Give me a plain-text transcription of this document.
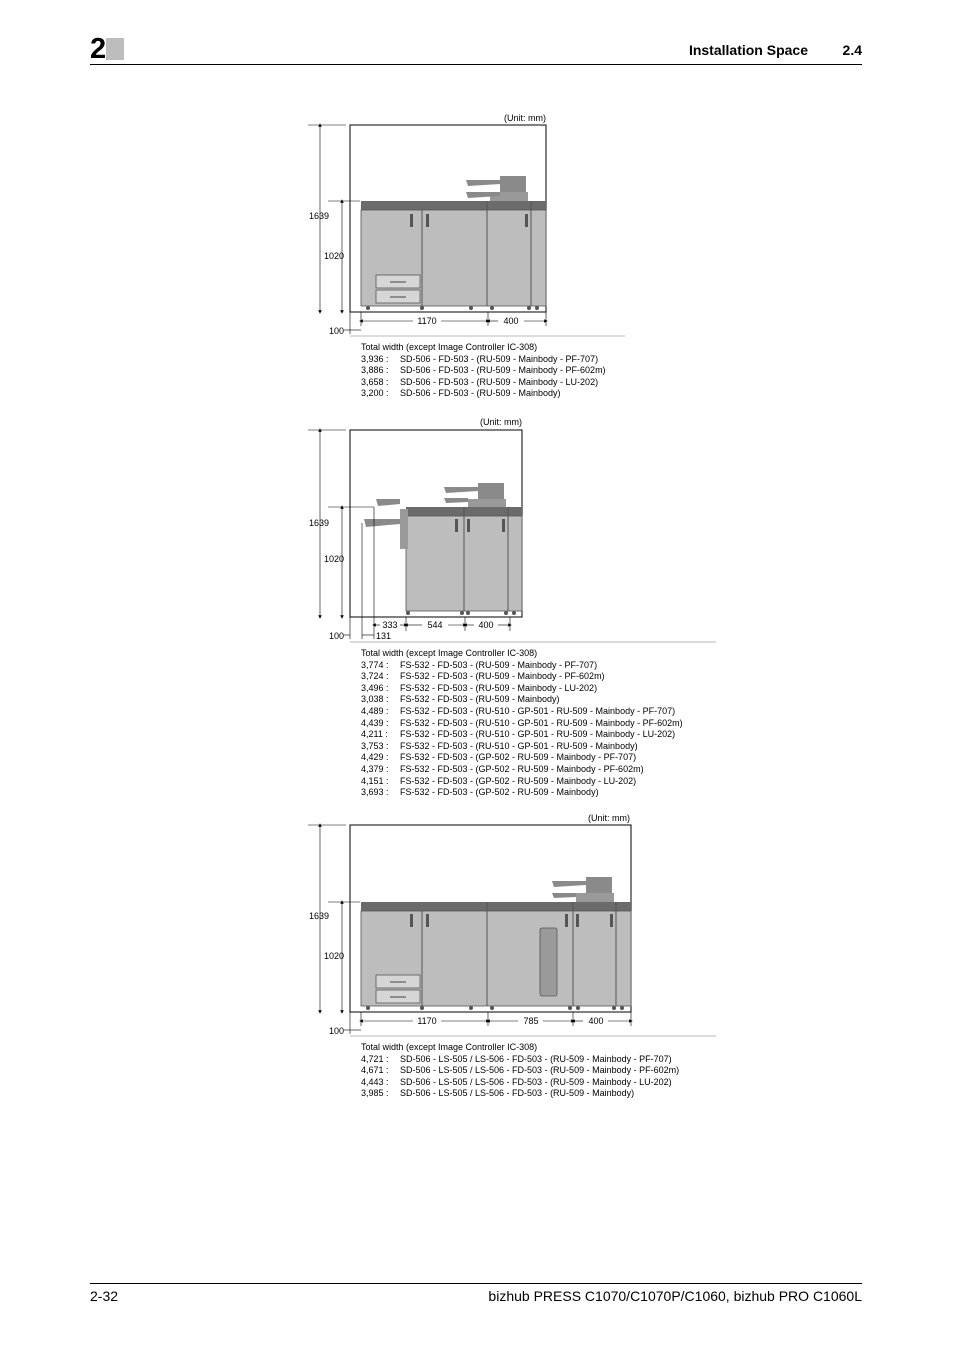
2	Installation Space 2.4
(Unit: mm)
1639
1020
1170	400
100
Total width (except Image Controller IC-308)
3,936 :	SD-506 - FD-503 - (RU-509 - Mainbody - PF-707)
3,886 :	SD-506 - FD-503 - (RU-509 - Mainbody - PF-602m)
3,658 :	SD-506 - FD-503 - (RU-509 - Mainbody - LU-202)
3,200 :	SD-506 - FD-503 - (RU-509 - Mainbody)
(Unit: mm)
1639
1020
333	544	400
131
100
Total width (except Image Controller IC-308)
3,774 :	FS-532 - FD-503 - (RU-509 - Mainbody - PF-707)
3,724 :	FS-532 - FD-503 - (RU-509 - Mainbody - PF-602m)
3,496 :	FS-532 - FD-503 - (RU-509 - Mainbody - LU-202)
3,038 :	FS-532 - FD-503 - (RU-509 - Mainbody)
4,489 :	FS-532 - FD-503 - (RU-510 - GP-501 - RU-509 - Mainbody - PF-707)
4,439 :	FS-532 - FD-503 - (RU-510 - GP-501 - RU-509 - Mainbody - PF-602m)
4,211 :	FS-532 - FD-503 - (RU-510 - GP-501 - RU-509 - Mainbody - LU-202)
3,753 :	FS-532 - FD-503 - (RU-510 - GP-501 - RU-509 - Mainbody)
4,429 :	FS-532 - FD-503 - (GP-502 - RU-509 - Mainbody - PF-707)
4,379 :	FS-532 - FD-503 - (GP-502 - RU-509 - Mainbody - PF-602m)
4,151 :	FS-532 - FD-503 - (GP-502 - RU-509 - Mainbody - LU-202)
3,693 :	FS-532 - FD-503 - (GP-502 - RU-509 - Mainbody)
(Unit: mm)
1639
1020
1170	785	400
100
Total width (except Image Controller IC-308)
4,721 :	SD-506 - LS-505 / LS-506 - FD-503 - (RU-509 - Mainbody - PF-707)
4,671 :	SD-506 - LS-505 / LS-506 - FD-503 - (RU-509 - Mainbody - PF-602m)
4,443 :	SD-506 - LS-505 / LS-506 - FD-503 - (RU-509 - Mainbody - LU-202)
3,985 :	SD-506 - LS-505 / LS-506 - FD-503 - (RU-509 - Mainbody)
2-32	bizhub PRESS C1070/C1070P/C1060, bizhub PRO C1060L
